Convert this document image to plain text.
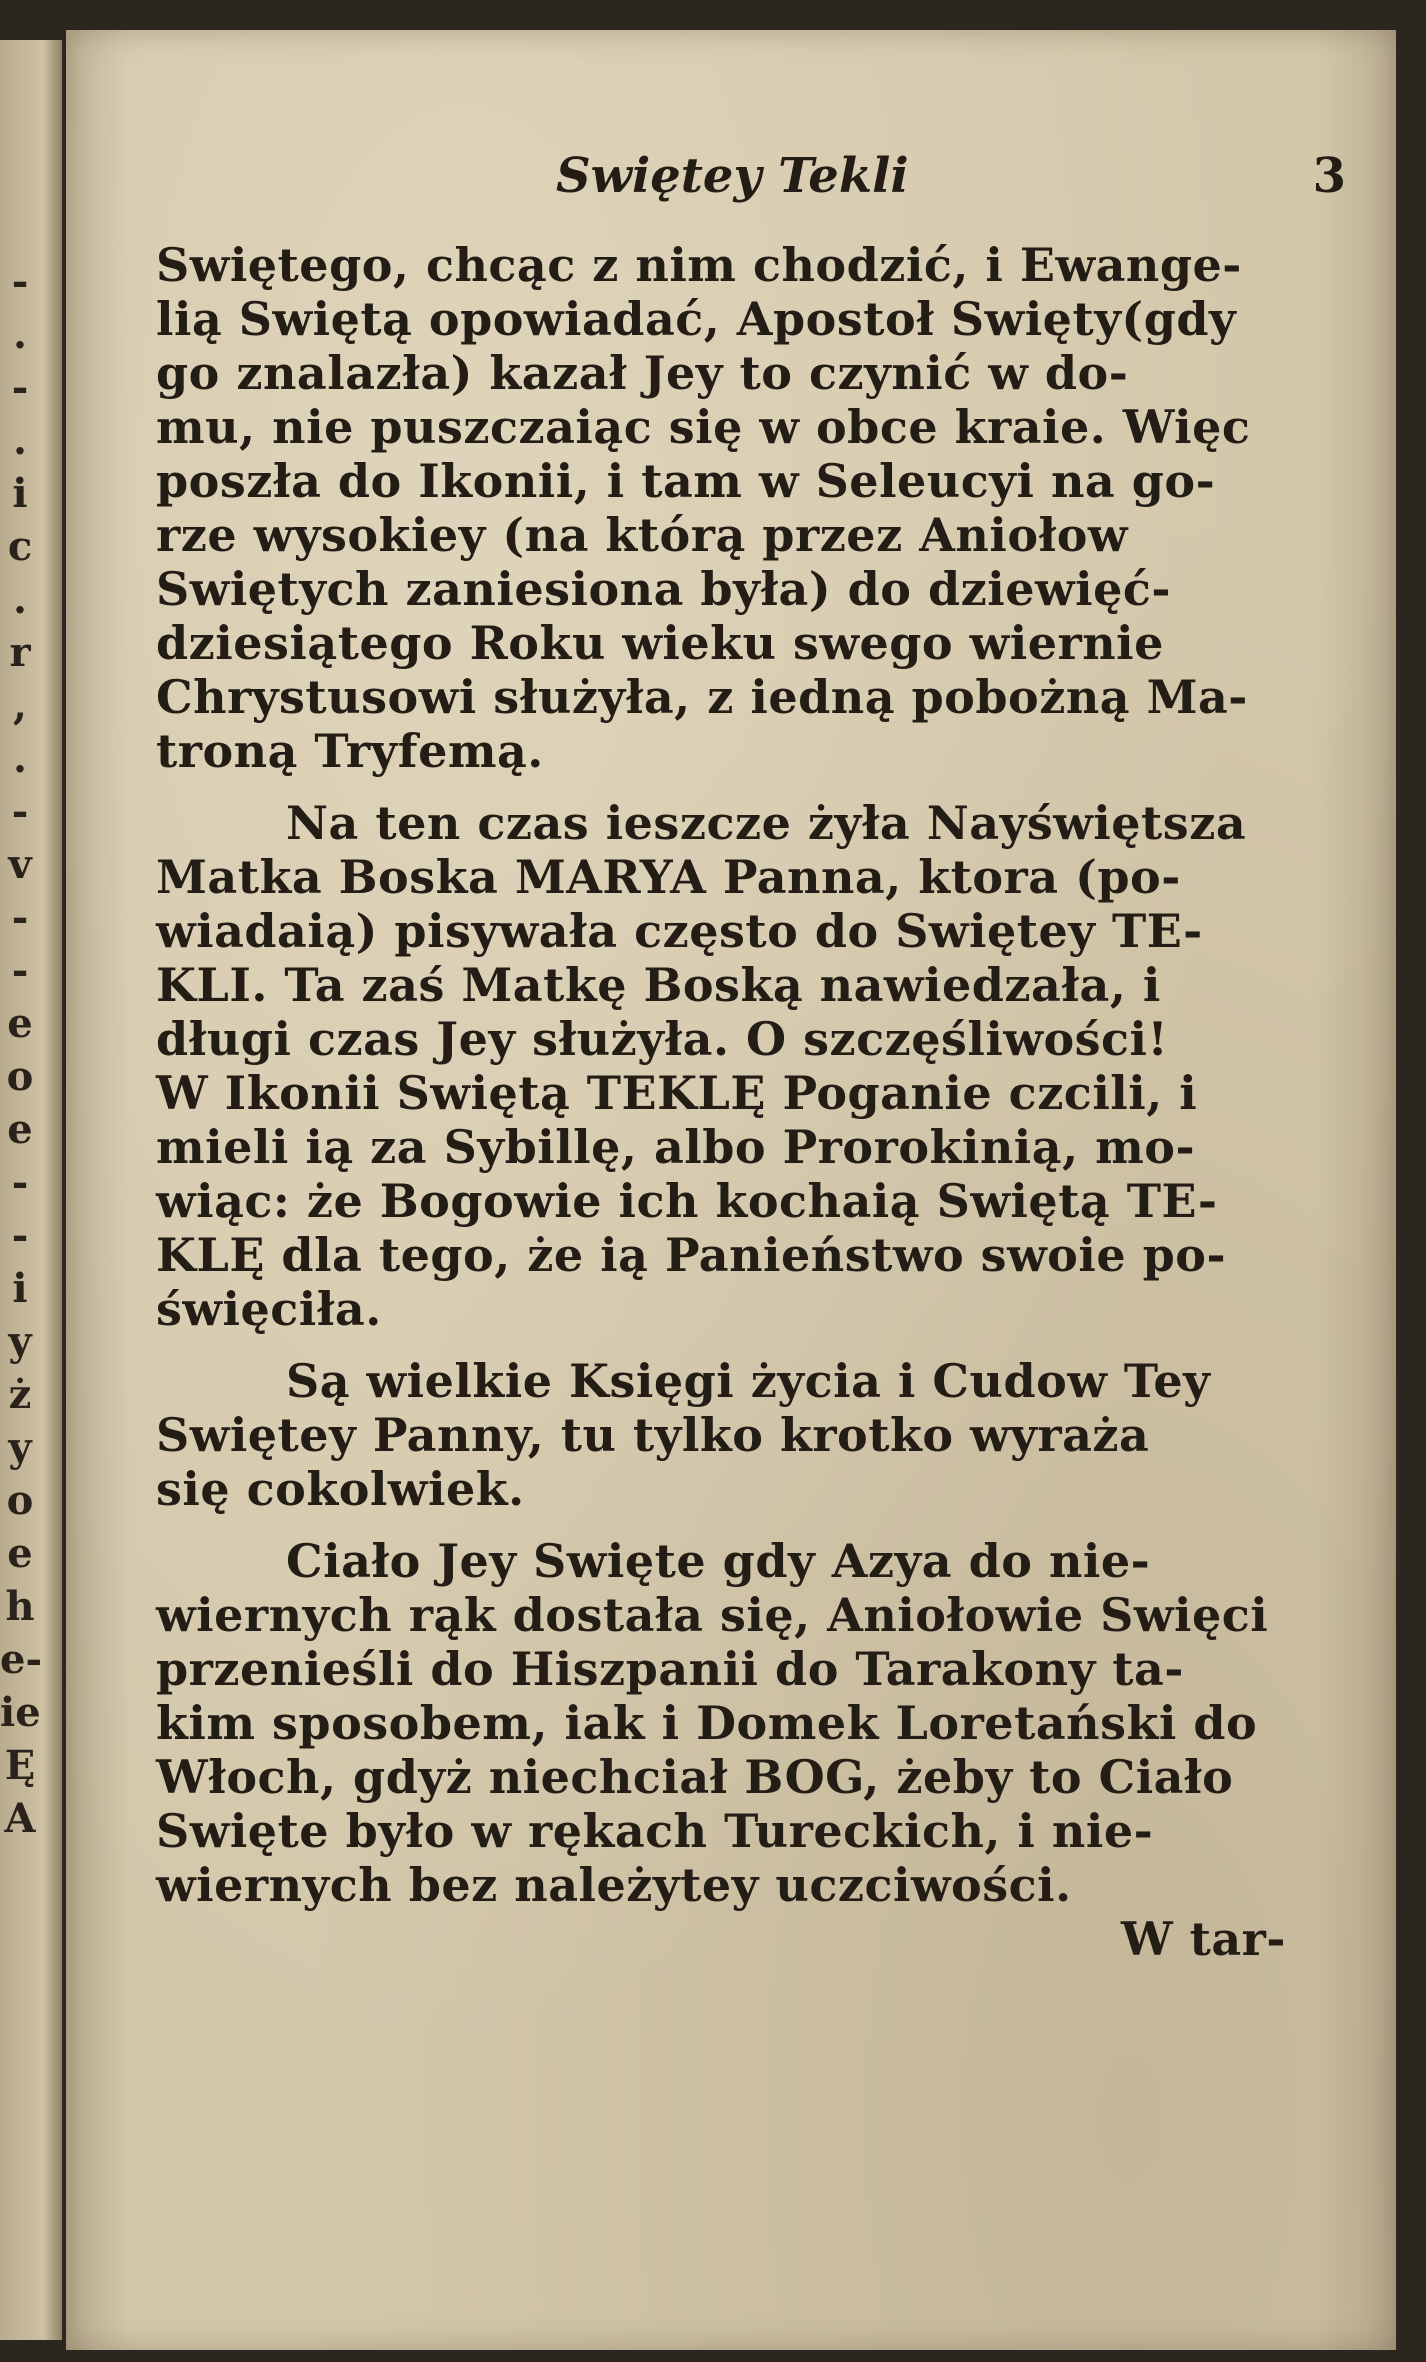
-
.
-
.
i
c
.
r
,
.
-
v
-
-
e
o
e
-
-
i
y
ż
y
o
e
h
e-
ie
Ę
A
Swiętey Tekli	3
Swiętego, chcąc z nim chodzić, i Ewange-
lią Swiętą opowiadać, Apostoł Swięty(gdy
go znalazła) kazał Jey to czynić w do-
mu, nie puszczaiąc się w obce kraie. Więc
poszła do Ikonii, i tam w Seleucyi na go-
rze wysokiey (na którą przez Aniołow
Swiętych zaniesiona była) do dziewięć-
dziesiątego Roku wieku swego wiernie
Chrystusowi służyła, z iedną pobożną Ma-
troną Tryfemą.
Na ten czas ieszcze żyła Nayświętsza
Matka Boska MARYA Panna, ktora (po-
wiadaią) pisywała często do Swiętey TE-
KLI. Ta zaś Matkę Boską nawiedzała, i
długi czas Jey służyła. O szczęśliwości!
W Ikonii Swiętą TEKLĘ Poganie czcili, i
mieli ią za Sybillę, albo Prorokinią, mo-
wiąc: że Bogowie ich kochaią Swiętą TE-
KLĘ dla tego, że ią Panieństwo swoie po-
święciła.
Są wielkie Księgi życia i Cudow Tey
Swiętey Panny, tu tylko krotko wyraża
się cokolwiek.
Ciało Jey Swięte gdy Azya do nie-
wiernych rąk dostała się, Aniołowie Swięci
przenieśli do Hiszpanii do Tarakony ta-
kim sposobem, iak i Domek Loretański do
Włoch, gdyż niechciał BOG, żeby to Ciało
Swięte było w rękach Tureckich, i nie-
wiernych bez należytey uczciwości.
W tar-
